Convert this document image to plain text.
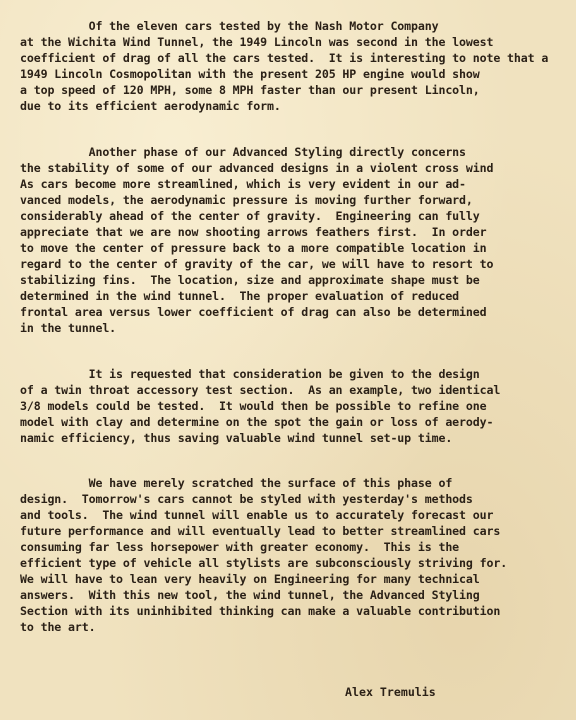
Of the eleven cars tested by the Nash Motor Company
at the Wichita Wind Tunnel, the 1949 Lincoln was second in the lowest
coefficient of drag of all the cars tested.  It is interesting to note that a
1949 Lincoln Cosmopolitan with the present 205 HP engine would show
a top speed of 120 MPH, some 8 MPH faster than our present Lincoln,
due to its efficient aerodynamic form.
Another phase of our Advanced Styling directly concerns
the stability of some of our advanced designs in a violent cross wind
As cars become more streamlined, which is very evident in our ad-
vanced models, the aerodynamic pressure is moving further forward,
considerably ahead of the center of gravity.  Engineering can fully
appreciate that we are now shooting arrows feathers first.  In order
to move the center of pressure back to a more compatible location in
regard to the center of gravity of the car, we will have to resort to
stabilizing fins.  The location, size and approximate shape must be
determined in the wind tunnel.  The proper evaluation of reduced
frontal area versus lower coefficient of drag can also be determined
in the tunnel.
It is requested that consideration be given to the design
of a twin throat accessory test section.  As an example, two identical
3/8 models could be tested.  It would then be possible to refine one
model with clay and determine on the spot the gain or loss of aerody-
namic efficiency, thus saving valuable wind tunnel set-up time.
We have merely scratched the surface of this phase of
design.  Tomorrow's cars cannot be styled with yesterday's methods
and tools.  The wind tunnel will enable us to accurately forecast our
future performance and will eventually lead to better streamlined cars
consuming far less horsepower with greater economy.  This is the
efficient type of vehicle all stylists are subconsciously striving for.
We will have to lean very heavily on Engineering for many technical
answers.  With this new tool, the wind tunnel, the Advanced Styling
Section with its uninhibited thinking can make a valuable contribution
to the art.
Alex Tremulis
